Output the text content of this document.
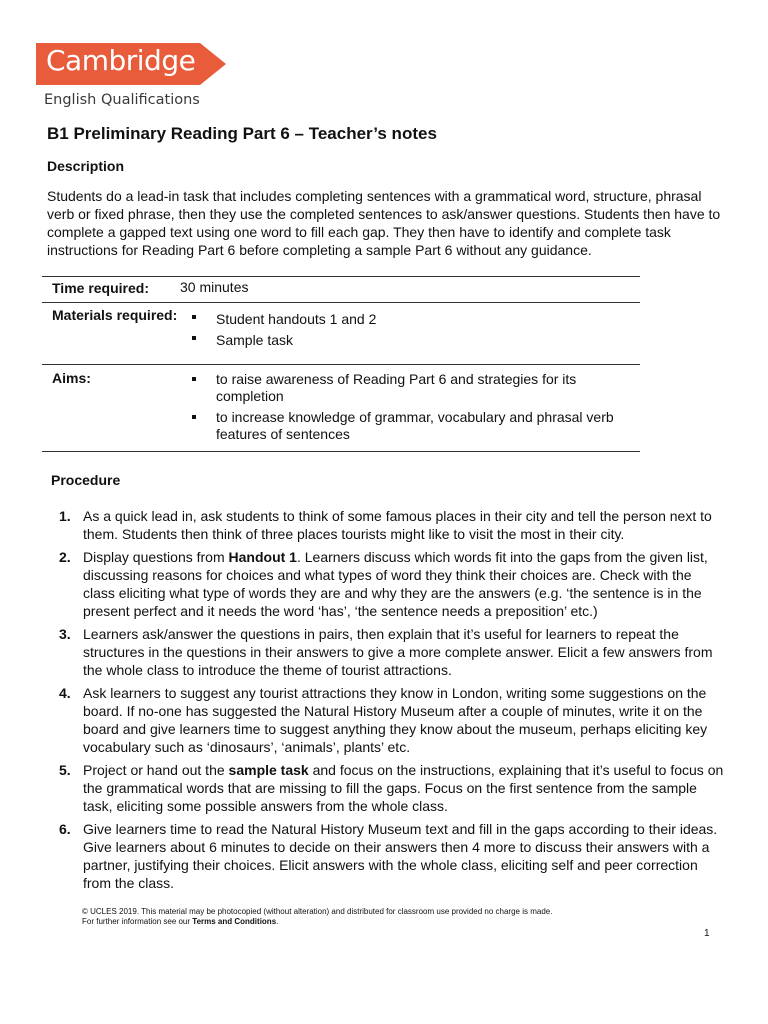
Cambridge
English Qualifications
B1 Preliminary Reading Part 6 – Teacher’s notes
Description

Students do a lead-in task that includes completing sentences with a grammatical word, structure, phrasal verb or fixed phrase, then they use the completed sentences to ask/answer questions. Students then have to complete a gapped text using one word to fill each gap. They then have to identify and complete task instructions for Reading Part 6 before completing a sample Part 6 without any guidance.

Time required:	30 minutes
Materials required:	Student handouts 1 and 2
Sample task
Aims:	to raise awareness of Reading Part 6 and strategies for its completion
to increase knowledge of grammar, vocabulary and phrasal verb features of sentences
Procedure
1. As a quick lead in, ask students to think of some famous places in their city and tell the person next to them. Students then think of three places tourists might like to visit the most in their city.
2. Display questions from Handout 1. Learners discuss which words fit into the gaps from the given list, discussing reasons for choices and what types of word they think their choices are. Check with the class eliciting what type of words they are and why they are the answers (e.g. ‘the sentence is in the present perfect and it needs the word ‘has’, ‘the sentence needs a preposition’ etc.)
3. Learners ask/answer the questions in pairs, then explain that it’s useful for learners to repeat the structures in the questions in their answers to give a more complete answer. Elicit a few answers from the whole class to introduce the theme of tourist attractions.
4. Ask learners to suggest any tourist attractions they know in London, writing some suggestions on the board. If no-one has suggested the Natural History Museum after a couple of minutes, write it on the board and give learners time to suggest anything they know about the museum, perhaps eliciting key vocabulary such as ‘dinosaurs’, ‘animals’, plants’ etc.
5. Project or hand out the sample task and focus on the instructions, explaining that it’s useful to focus on the grammatical words that are missing to fill the gaps. Focus on the first sentence from the sample task, eliciting some possible answers from the whole class.
6. Give learners time to read the Natural History Museum text and fill in the gaps according to their ideas. Give learners about 6 minutes to decide on their answers then 4 more to discuss their answers with a partner, justifying their choices. Elicit answers with the whole class, eliciting self and peer correction from the class.
© UCLES 2019. This material may be photocopied (without alteration) and distributed for classroom use provided no charge is made.
For further information see our Terms and Conditions.
1
